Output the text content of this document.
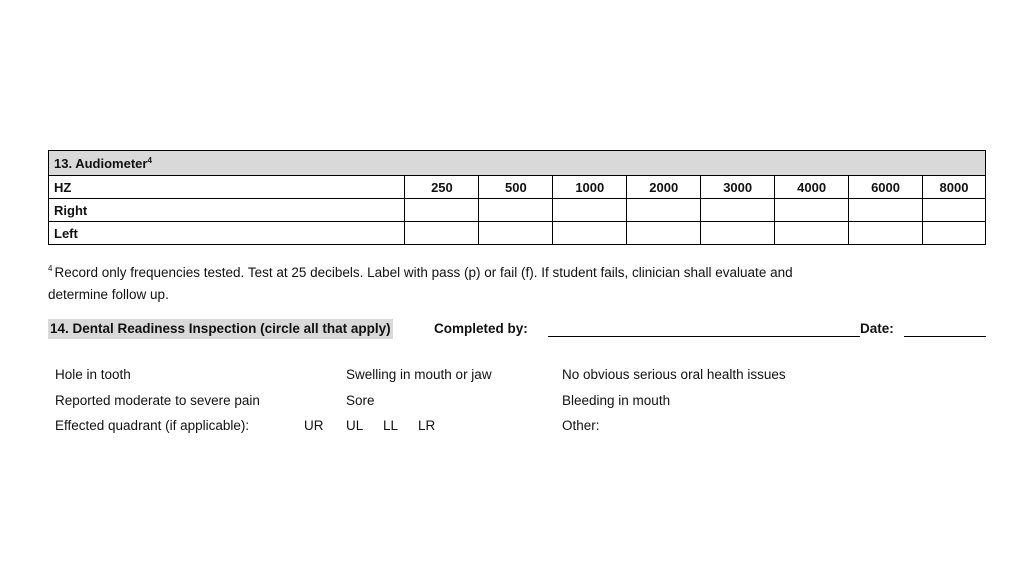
13. Audiometer$^4$
HZ	250	500	1000	2000	3000	4000	6000	8000
Right								
Left								
$^4$ Record only frequencies tested. Test at 25 decibels. Label with pass (p) or fail (f). If student fails, clinician shall evaluate and
determine follow up.
14. Dental Readiness Inspection (circle all that apply)	Completed by:	Date:
Hole in tooth
Reported moderate to severe pain
Effected quadrant (if applicable):	UR
Swelling in mouth or jaw
Sore
UL LL LR
No obvious serious oral health issues
Bleeding in mouth
Other:
